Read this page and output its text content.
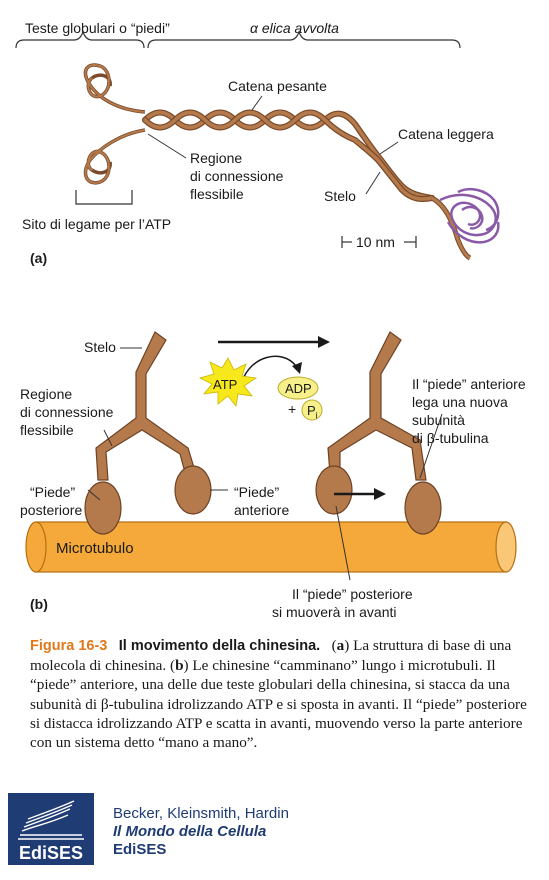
Teste globulari o “piedi”	α elica avvolta
Catena pesante
Catena leggera
Regione
di connessione
flessibile	Stelo
Sito di legame per l’ATP
10 nm
(a)
Stelo
Regione
di connessione
flessibile
“Piede”
posteriore
“Piede”
anteriore
Microtubulo
ATP	ADP
+ $P_i$
Il “piede” anteriore
lega una nuova
subunità
di β-tubulina
Il “piede” posteriore
si muoverà in avanti
(b)
Figura 16-3 Il movimento della chinesina.   (a) La struttura di base di una molecola di chinesina. (b) Le chinesine “camminano” lungo i microtubuli. Il “piede” anteriore, una delle due teste globulari della chinesina, si stacca da una subunità di β-tubulina idrolizzando ATP e si sposta in avanti. Il “piede” posteriore si distacca idrolizzando ATP e scatta in avanti, muovendo verso la parte anteriore con un sistema detto “mano a mano”.
EdiSES
Becker, Kleinsmith, Hardin
Il Mondo della Cellula
EdiSES
